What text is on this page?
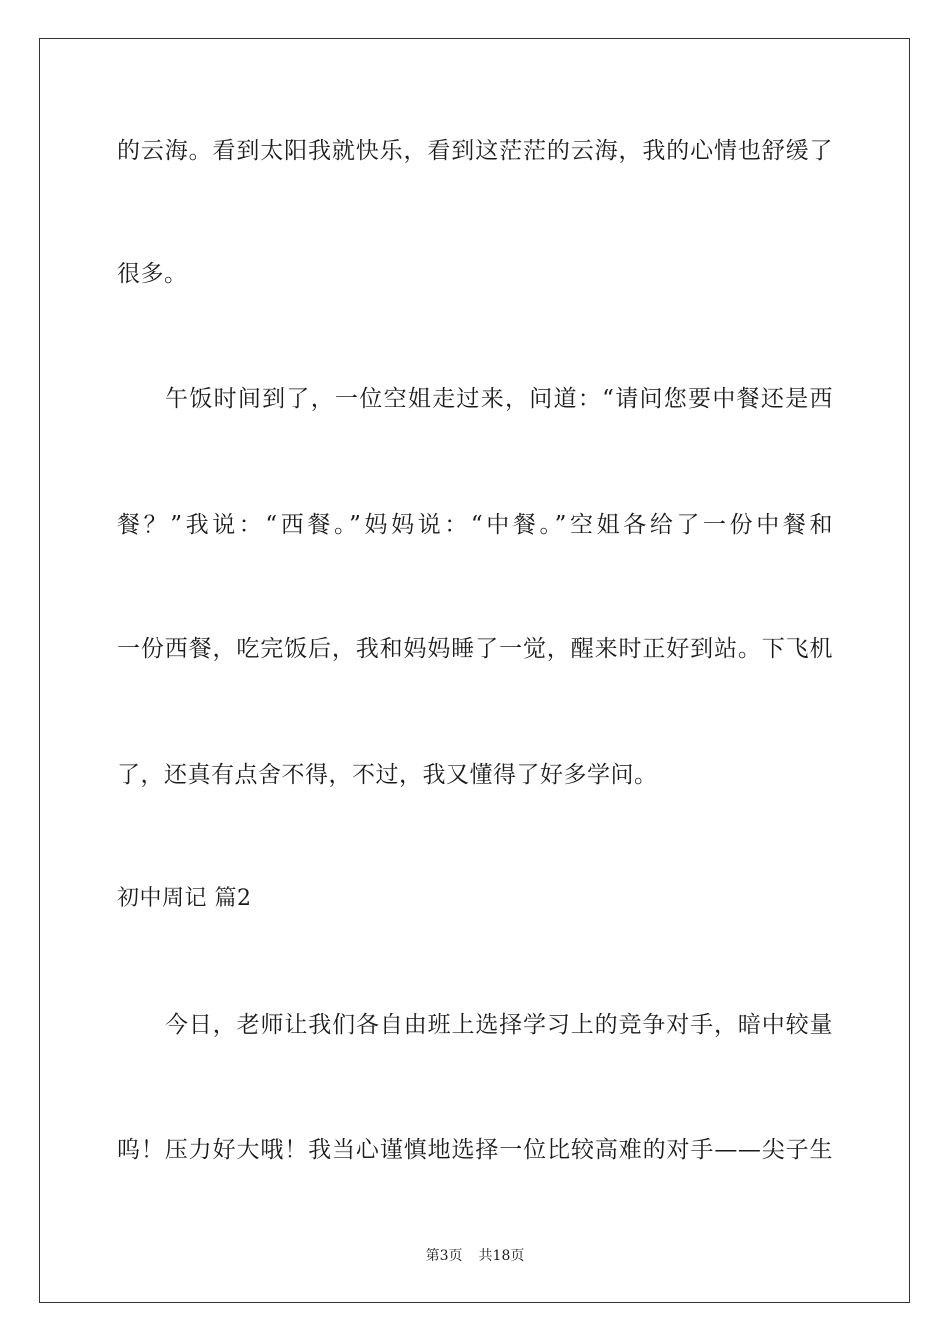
的云海。看到太阳我就快乐，看到这茫茫的云海，我的心情也舒缓了
很多。
午饭时间到了，一位空姐走过来，问道：“请问您要中餐还是西
餐？”我说：“西餐。”妈妈说：“中餐。”空姐各给了一份中餐和
一份西餐，吃完饭后，我和妈妈睡了一觉，醒来时正好到站。下飞机
了，还真有点舍不得，不过，我又懂得了好多学问。
初中周记 篇2
今日，老师让我们各自由班上选择学习上的竞争对手，暗中较量
呜！压力好大哦！我当心谨慎地选择一位比较高难的对手——尖子生
第3页 共18页
